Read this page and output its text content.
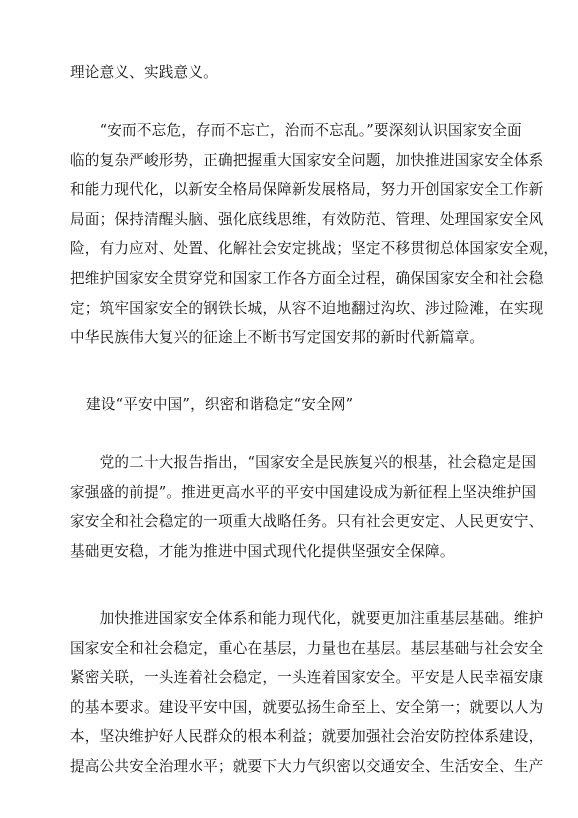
理论意义、实践意义。
　　“安而不忘危，存而不忘亡，治而不忘乱。”要深刻认识国家安全面
临的复杂严峻形势，正确把握重大国家安全问题，加快推进国家安全体系
和能力现代化，以新安全格局保障新发展格局，努力开创国家安全工作新
局面；保持清醒头脑、强化底线思维，有效防范、管理、处理国家安全风
险，有力应对、处置、化解社会安定挑战；坚定不移贯彻总体国家安全观，
把维护国家安全贯穿党和国家工作各方面全过程，确保国家安全和社会稳
定；筑牢国家安全的钢铁长城，从容不迫地翻过沟坎、涉过险滩，在实现
中华民族伟大复兴的征途上不断书写定国安邦的新时代新篇章。
建设“平安中国”，织密和谐稳定“安全网”
　　党的二十大报告指出，“国家安全是民族复兴的根基，社会稳定是国
家强盛的前提”。推进更高水平的平安中国建设成为新征程上坚决维护国
家安全和社会稳定的一项重大战略任务。只有社会更安定、人民更安宁、
基础更安稳，才能为推进中国式现代化提供坚强安全保障。
　　加快推进国家安全体系和能力现代化，就要更加注重基层基础。维护
国家安全和社会稳定，重心在基层，力量也在基层。基层基础与社会安全
紧密关联，一头连着社会稳定，一头连着国家安全。平安是人民幸福安康
的基本要求。建设平安中国，就要弘扬生命至上、安全第一；就要以人为
本，坚决维护好人民群众的根本利益；就要加强社会治安防控体系建设，
提高公共安全治理水平；就要下大力气织密以交通安全、生活安全、生产
